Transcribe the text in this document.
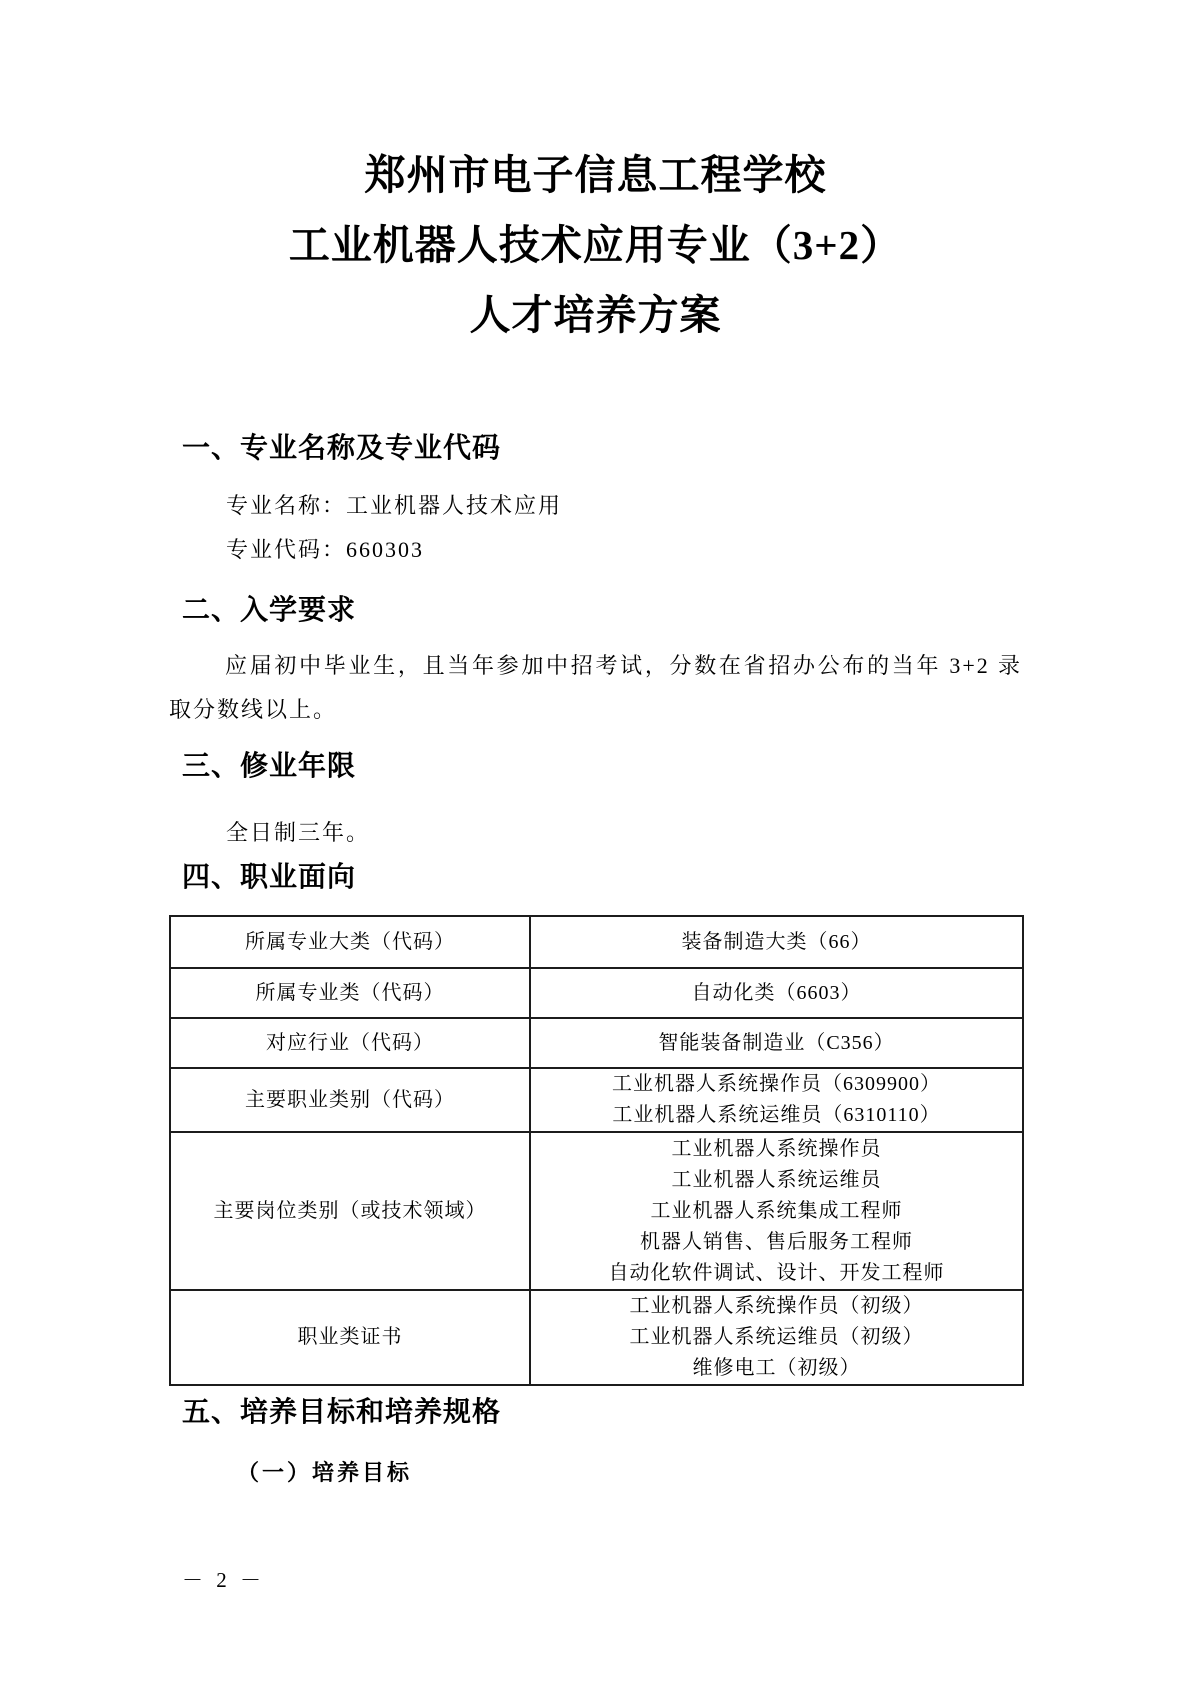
郑州市电子信息工程学校
工业机器人技术应用专业（3+2）
人才培养方案
一、专业名称及专业代码
专业名称：工业机器人技术应用
专业代码：660303
二、入学要求
应届初中毕业生，且当年参加中招考试，分数在省招办公布的当年 3+2 录取分数线以上。
三、修业年限
全日制三年。
四、职业面向
所属专业大类（代码）	装备制造大类（66）

所属专业类（代码）	自动化类（6603）

对应行业（代码）	智能装备制造业（C356）

主要职业类别（代码）	工业机器人系统操作员（6309900）
工业机器人系统运维员（6310110）

主要岗位类别（或技术领域）	工业机器人系统操作员
工业机器人系统运维员
工业机器人系统集成工程师
机器人销售、售后服务工程师
自动化软件调试、设计、开发工程师

职业类证书	工业机器人系统操作员（初级）
工业机器人系统运维员（初级）
维修电工（初级）
五、培养目标和培养规格
（一）培养目标
－ 2 －
